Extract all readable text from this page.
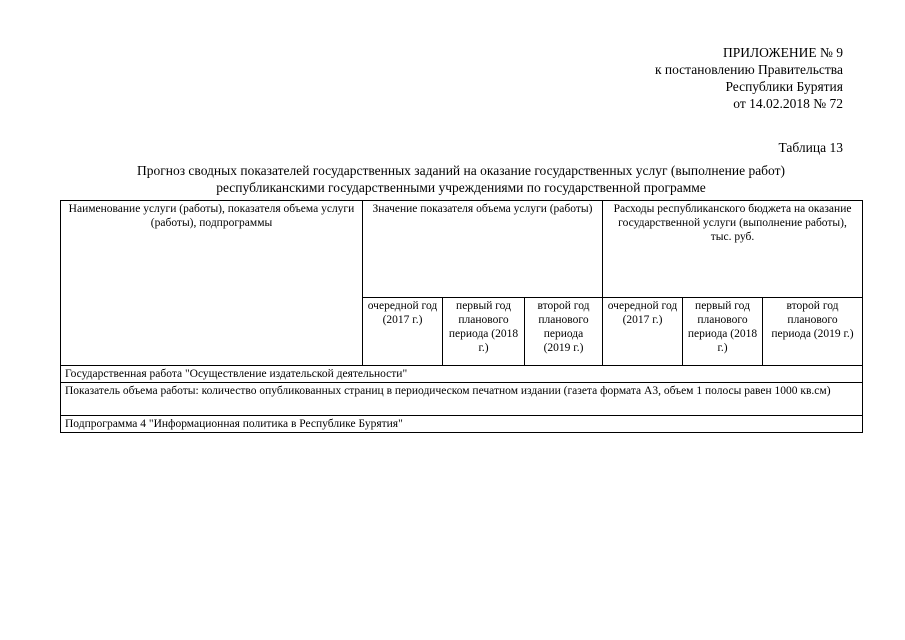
ПРИЛОЖЕНИЕ № 9
к постановлению Правительства
Республики Бурятия
от 14.02.2018 № 72
Таблица 13
Прогноз сводных показателей государственных заданий на оказание государственных услуг (выполнение работ)
республиканскими государственными учреждениями по государственной программе
Наименование услуги (работы), показателя объема услуги (работы), подпрограммы	Значение показателя объема услуги (работы)			Расходы республиканского бюджета на оказание государственной услуги (выполнение работы), тыс. руб.		
	очередной год (2017 г.)	первый год планового периода (2018 г.)	второй год планового периода (2019 г.)	очередной год (2017 г.)	первый год планового периода (2018 г.)	второй год планового периода (2019 г.)
Государственная работа "Осуществление издательской деятельности"						
Показатель объема работы: количество опубликованных страниц в периодическом печатном издании (газета формата А3, объем 1 полосы равен 1000 кв.см)						
Подпрограмма 4 "Информационная политика в Республике Бурятия"						
